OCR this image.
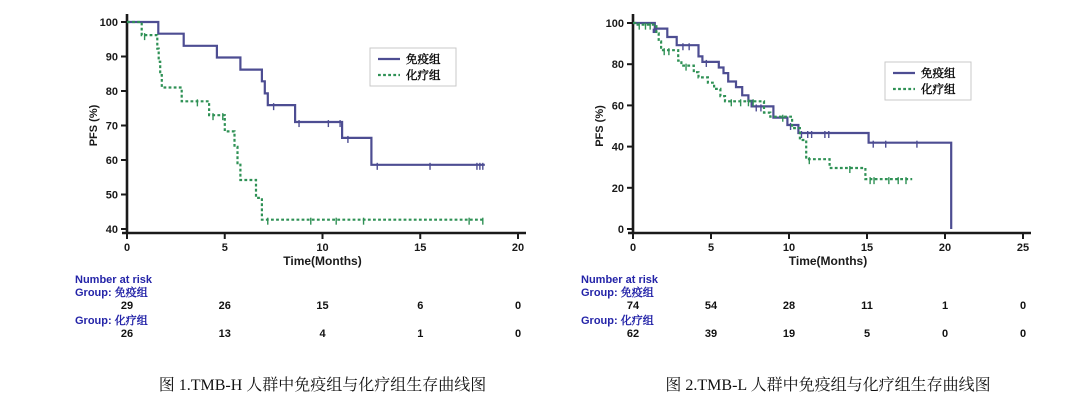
40
50
60
70
80
90
100
0	5	10	15	20
PFS (%)
Time(Months)
免疫组
化疗组
Number at risk
Group: 免疫组
Group: 化疗组
29	26	15	6	0
26	13	4	1	0
图 1.TMB-H 人群中免疫组与化疗组生存曲线图
0
20
40
60
80
100
0	5	10	15	20	25
PFS (%)
Time(Months)
免疫组
化疗组
Number at risk
Group: 免疫组
Group: 化疗组
74	54	28	11	1	0
62	39	19	5	0	0
图 2.TMB-L 人群中免疫组与化疗组生存曲线图
